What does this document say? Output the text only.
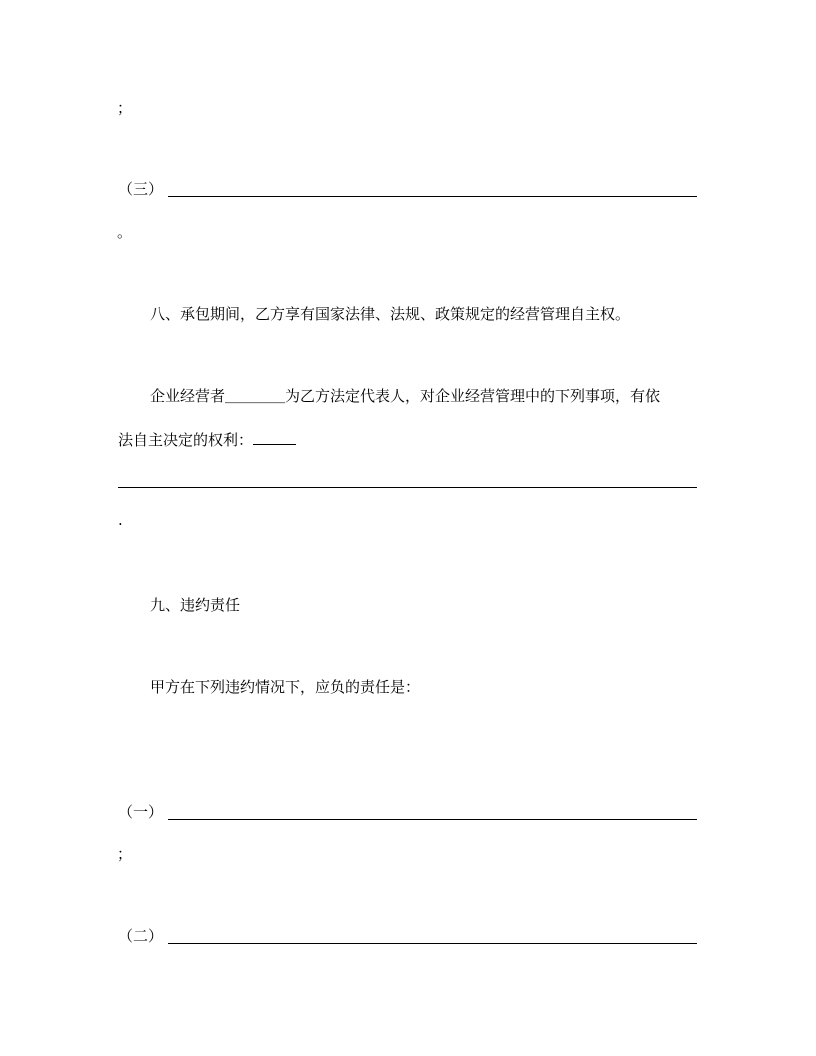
；
（三）
。
八、承包期间，乙方享有国家法律、法规、政策规定的经营管理自主权。
企业经营者＿＿＿＿为乙方法定代表人，对企业经营管理中的下列事项，有依
法自主决定的权利：
.
九、违约责任
甲方在下列违约情况下，应负的责任是：
（一）
；
（二）
